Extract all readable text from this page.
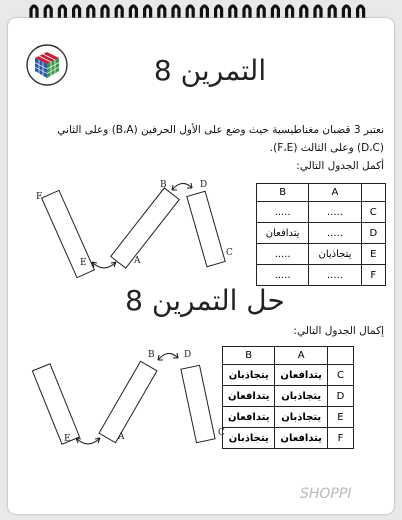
التمرين 8
نعتبر 3 قضبان مغناطيسية حيث وضع على الأول الحرفين (B،A) وعلى الثاني
(D،C) وعلى الثالث (F،E).
أكمل الجدول التالي:
F
B	D
E	A
C
B	A	
.....	.....	C
يتدافعان	.....	D
.....	يتجاذبان	E
.....	.....	F
حل التمرين 8
إكمال الجدول التالي:
B	D
E	A	C
B	A	
يتجاذبان	يتدافعان	C
يتدافعان	يتجاذبان	D
يتدافعان	يتجاذبان	E
يتجاذبان	يتدافعان	F
SHOPPI
